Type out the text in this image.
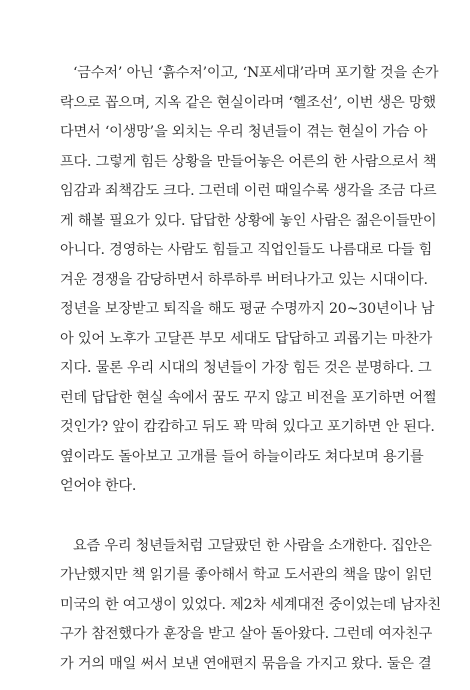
‘금수저’ 아닌 ‘흙수저’이고, ‘N포세대’라며 포기할 것을 손가
락으로 꼽으며, 지옥 같은 현실이라며 ‘헬조선’, 이번 생은 망했
다면서 ‘이생망’을 외치는 우리 청년들이 겪는 현실이 가슴 아
프다. 그렇게 힘든 상황을 만들어놓은 어른의 한 사람으로서 책
임감과 죄책감도 크다. 그런데 이런 때일수록 생각을 조금 다르
게 해볼 필요가 있다. 답답한 상황에 놓인 사람은 젊은이들만이
아니다. 경영하는 사람도 힘들고 직업인들도 나름대로 다들 힘
겨운 경쟁을 감당하면서 하루하루 버텨나가고 있는 시대이다.
정년을 보장받고 퇴직을 해도 평균 수명까지 20~30년이나 남
아 있어 노후가 고달픈 부모 세대도 답답하고 괴롭기는 마찬가
지다. 물론 우리 시대의 청년들이 가장 힘든 것은 분명하다. 그
런데 답답한 현실 속에서 꿈도 꾸지 않고 비전을 포기하면 어쩔
것인가? 앞이 캄캄하고 뒤도 꽉 막혀 있다고 포기하면 안 된다.
옆이라도 돌아보고 고개를 들어 하늘이라도 쳐다보며 용기를
얻어야 한다.
요즘 우리 청년들처럼 고달팠던 한 사람을 소개한다. 집안은
가난했지만 책 읽기를 좋아해서 학교 도서관의 책을 많이 읽던
미국의 한 여고생이 있었다. 제2차 세계대전 중이었는데 남자친
구가 참전했다가 훈장을 받고 살아 돌아왔다. 그런데 여자친구
가 거의 매일 써서 보낸 연애편지 묶음을 가지고 왔다. 둘은 결
